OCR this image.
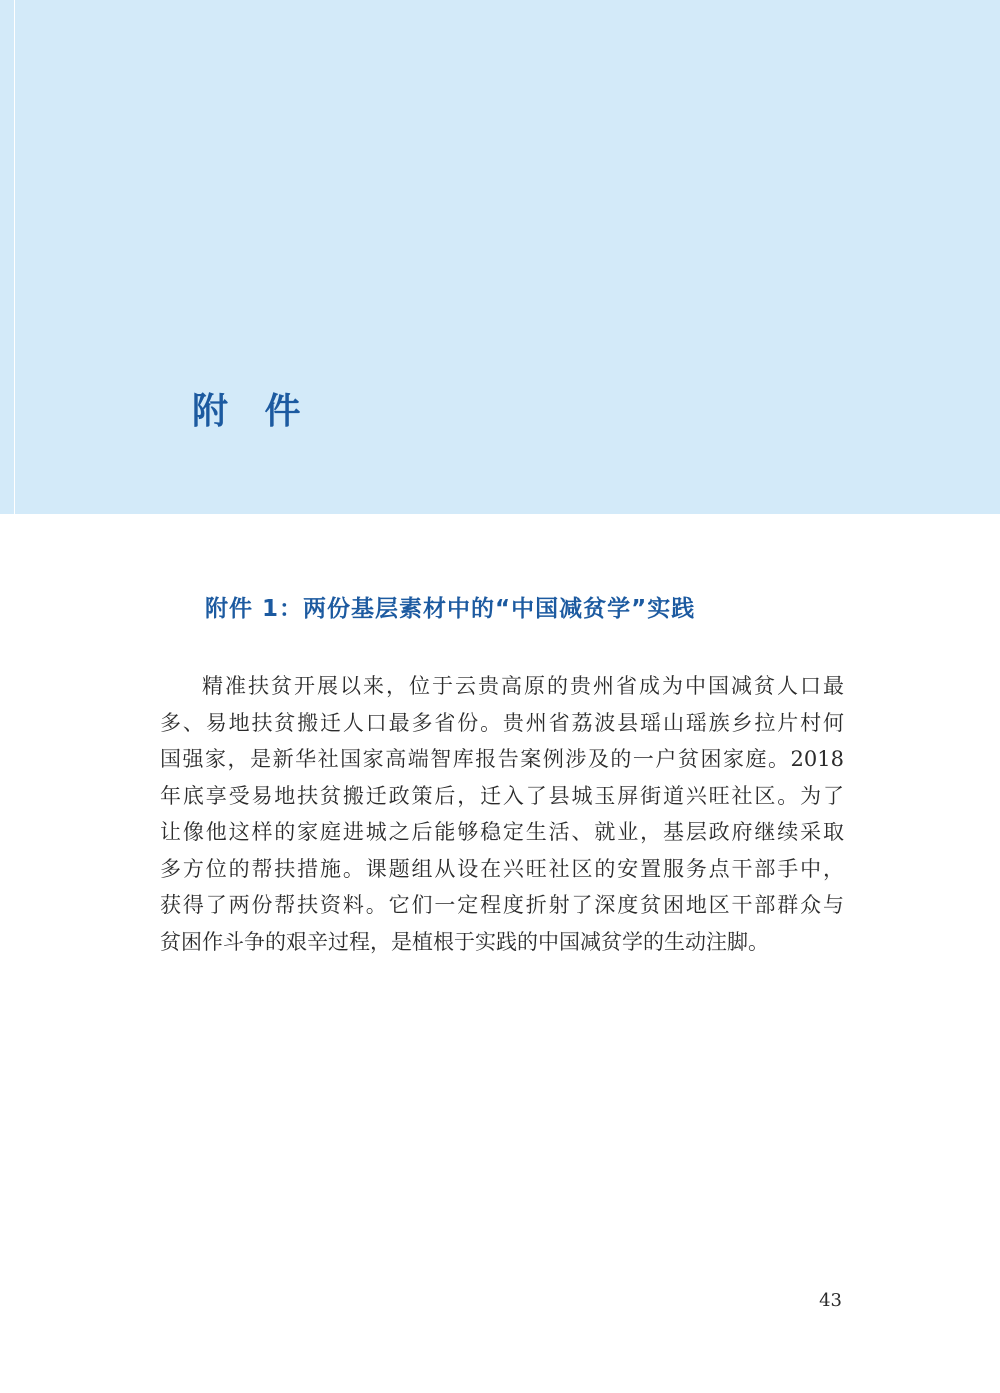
附 件
附件 1：两份基层素材中的“中国减贫学”实践
精准扶贫开展以来，位于云贵高原的贵州省成为中国减贫人口最
多、易地扶贫搬迁人口最多省份。贵州省荔波县瑶山瑶族乡拉片村何
国强家，是新华社国家高端智库报告案例涉及的一户贫困家庭。2018
年底享受易地扶贫搬迁政策后，迁入了县城玉屏街道兴旺社区。为了
让像他这样的家庭进城之后能够稳定生活、就业，基层政府继续采取
多方位的帮扶措施。课题组从设在兴旺社区的安置服务点干部手中，
获得了两份帮扶资料。它们一定程度折射了深度贫困地区干部群众与
贫困作斗争的艰辛过程，是植根于实践的中国减贫学的生动注脚。
43
